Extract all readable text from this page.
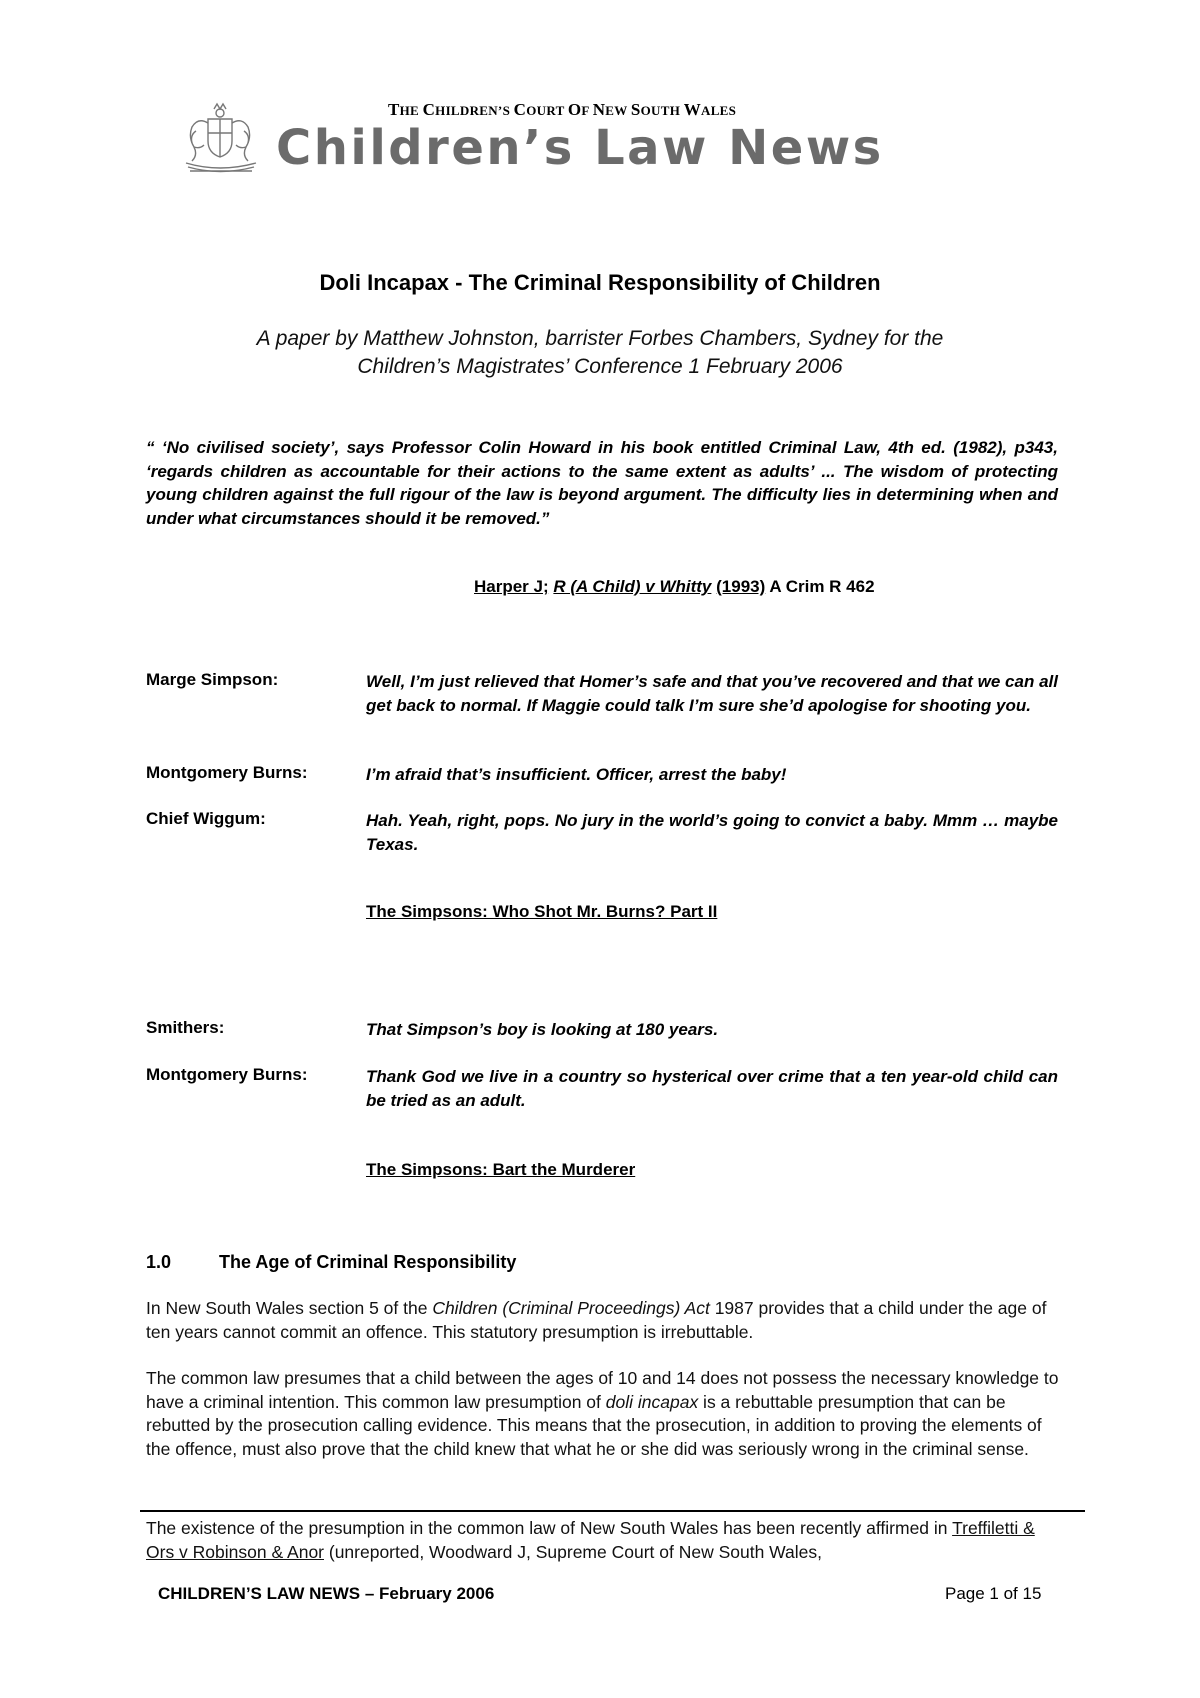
THE CHILDREN’S COURT OF NEW SOUTH WALES
Children’s Law News
Doli Incapax - The Criminal Responsibility of Children
A paper by Matthew Johnston, barrister Forbes Chambers, Sydney for the
Children’s Magistrates’ Conference 1 February 2006
“ ‘No civilised society’, says Professor Colin Howard in his book entitled Criminal Law, 4th ed. (1982), p343, ‘regards children as accountable for their actions to the same extent as adults’ ... The wisdom of protecting young children against the full rigour of the law is beyond argument. The difficulty lies in determining when and under what circumstances should it be removed.”
Harper J; R (A Child) v Whitty (1993) A Crim R 462
Marge Simpson:	Well, I’m just relieved that Homer’s safe and that you’ve recovered and that we can all get back to normal. If Maggie could talk I’m sure she’d apologise for shooting you.
Montgomery Burns:	I’m afraid that’s insufficient. Officer, arrest the baby!
Chief Wiggum:	Hah. Yeah, right, pops. No jury in the world’s going to convict a baby. Mmm … maybe Texas.
The Simpsons: Who Shot Mr. Burns? Part II
Smithers:	That Simpson’s boy is looking at 180 years.
Montgomery Burns:	Thank God we live in a country so hysterical over crime that a ten year-old child can be tried as an adult.
The Simpsons: Bart the Murderer
1.0	The Age of Criminal Responsibility
In New South Wales section 5 of the Children (Criminal Proceedings) Act 1987 provides that a child under the age of ten years cannot commit an offence. This statutory presumption is irrebuttable.
The common law presumes that a child between the ages of 10 and 14 does not possess the necessary knowledge to have a criminal intention. This common law presumption of doli incapax is a rebuttable presumption that can be rebutted by the prosecution calling evidence. This means that the prosecution, in addition to proving the elements of the offence, must also prove that the child knew that what he or she did was seriously wrong in the criminal sense.
The existence of the presumption in the common law of New South Wales has been recently affirmed in Treffiletti & Ors v Robinson & Anor (unreported, Woodward J, Supreme Court of New South Wales,
CHILDREN’S LAW NEWS – February 2006	Page 1 of 15
